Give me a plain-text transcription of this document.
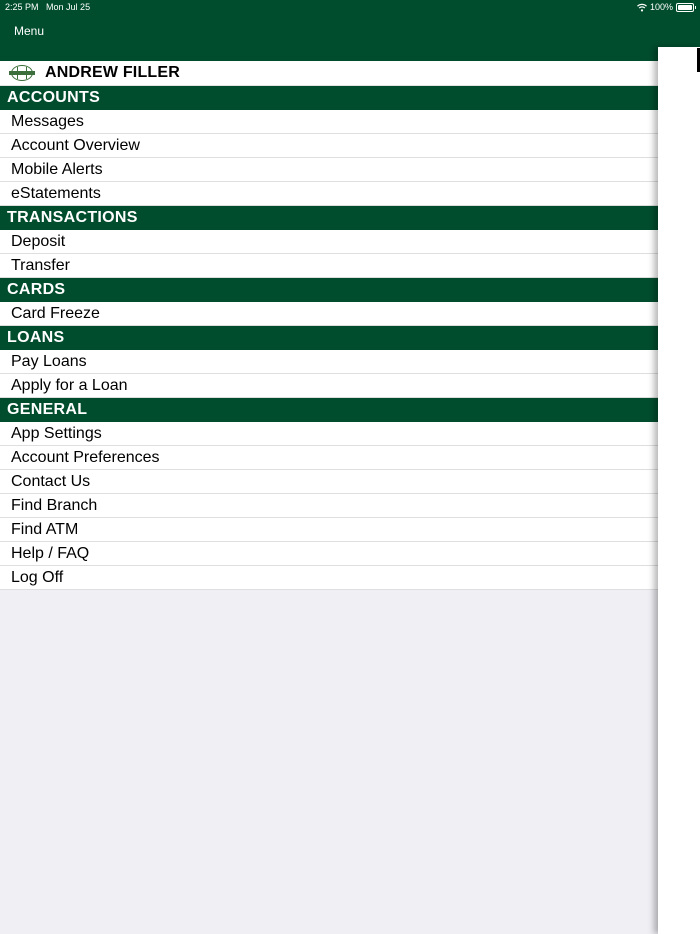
2:25 PM Mon Jul 25	100%
Menu
ANDREW FILLER
ACCOUNTS
Messages
Account Overview
Mobile Alerts
eStatements
TRANSACTIONS
Deposit
Transfer
CARDS
Card Freeze
LOANS
Pay Loans
Apply for a Loan
GENERAL
App Settings
Account Preferences
Contact Us
Find Branch
Find ATM
Help / FAQ
Log Off
